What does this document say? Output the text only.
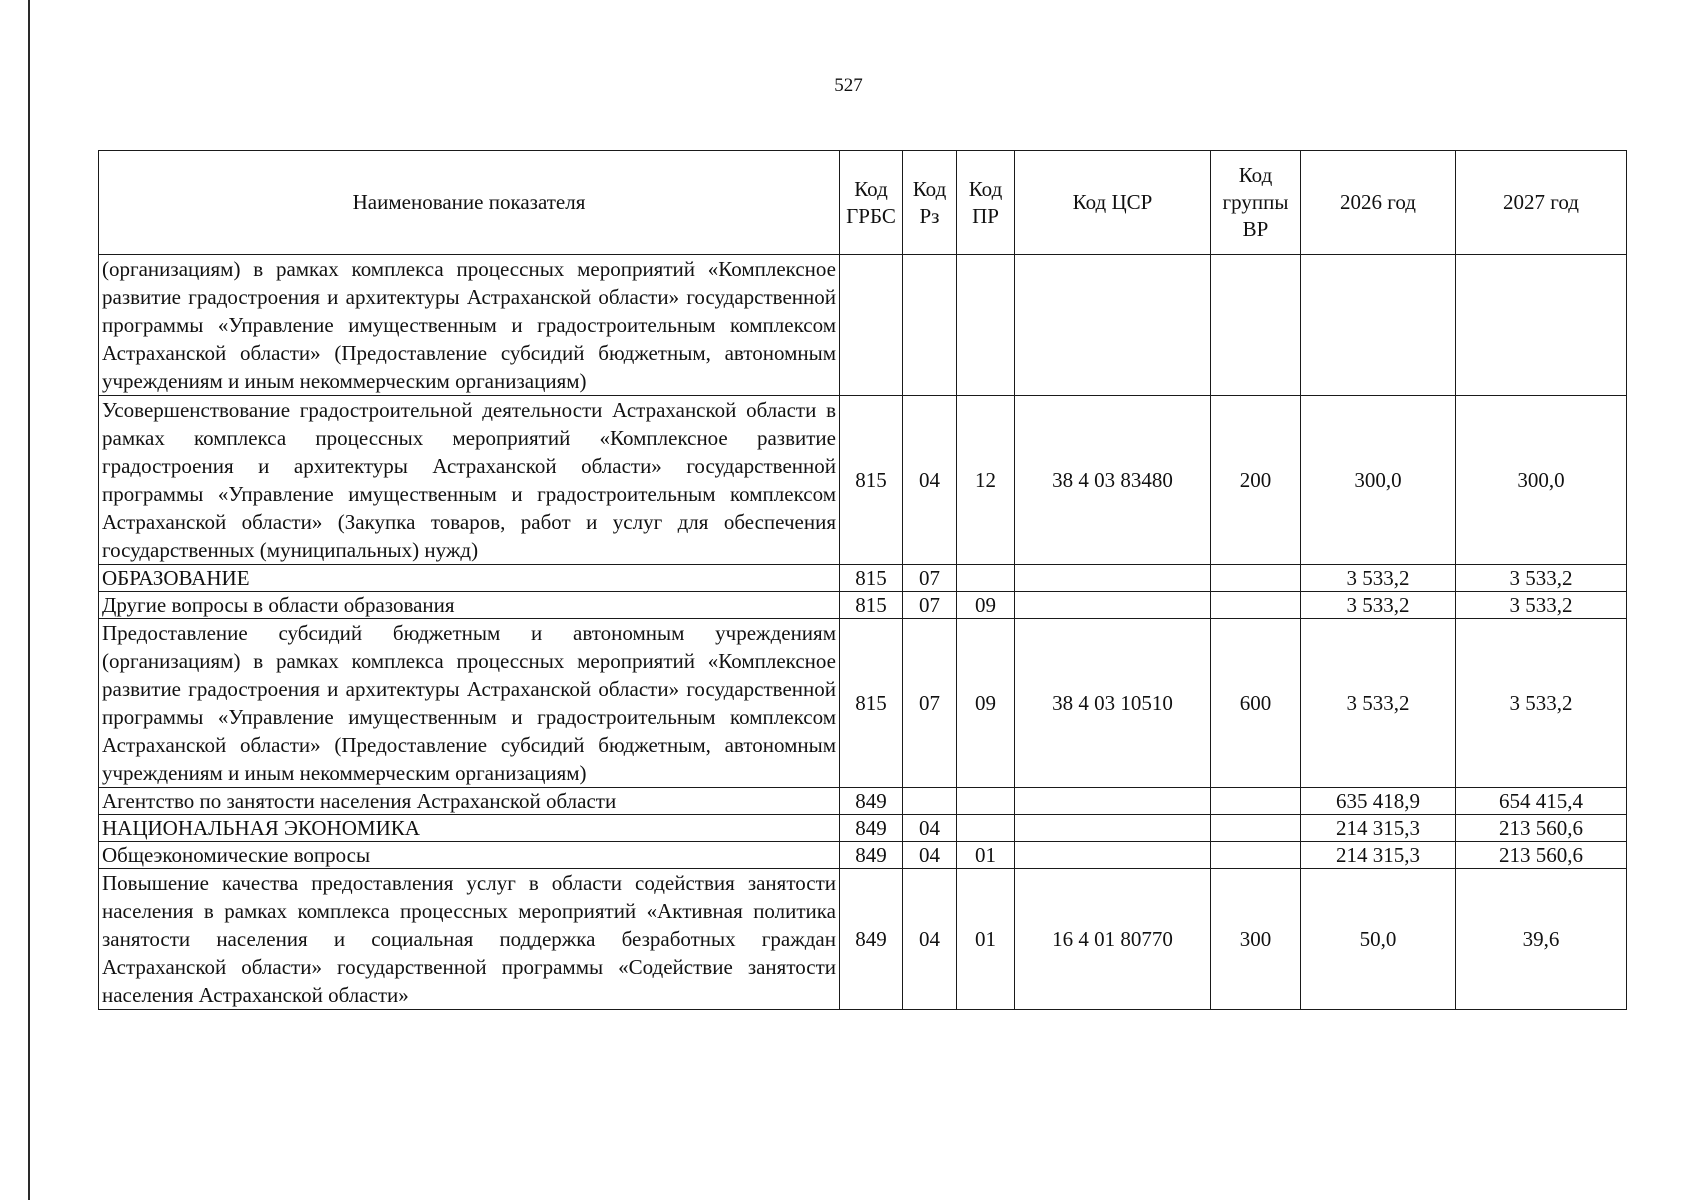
527
Наименование показателя	Код ГРБС	Код Рз	Код ПР	Код ЦСР	Код группы ВР	2026 год	2027 год
(организациям) в рамках комплекса процессных мероприятий «Комплексное развитие градостроения и архитектуры Астраханской области» государственной программы «Управление имущественным и градостроительным комплексом Астраханской области» (Предоставление субсидий бюджетным, автономным учреждениям и иным некоммерческим организациям)							
Усовершенствование градостроительной деятельности Астраханской области в рамках комплекса процессных мероприятий «Комплексное развитие градостроения и архитектуры Астраханской области» государственной программы «Управление имущественным и градостроительным комплексом Астраханской области» (Закупка товаров, работ и услуг для обеспечения государственных (муниципальных) нужд)	815	04	12	38 4 03 83480	200	300,0	300,0
ОБРАЗОВАНИЕ	815	07				3 533,2	3 533,2
Другие вопросы в области образования	815	07	09			3 533,2	3 533,2
Предоставление субсидий бюджетным и автономным учреждениям (организациям) в рамках комплекса процессных мероприятий «Комплексное развитие градостроения и архитектуры Астраханской области» государственной программы «Управление имущественным и градостроительным комплексом Астраханской области» (Предоставление субсидий бюджетным, автономным учреждениям и иным некоммерческим организациям)	815	07	09	38 4 03 10510	600	3 533,2	3 533,2
Агентство по занятости населения Астраханской области	849					635 418,9	654 415,4
НАЦИОНАЛЬНАЯ ЭКОНОМИКА	849	04				214 315,3	213 560,6
Общеэкономические вопросы	849	04	01			214 315,3	213 560,6
Повышение качества предоставления услуг в области содействия занятости населения в рамках комплекса процессных мероприятий «Активная политика занятости населения и социальная поддержка безработных граждан Астраханской области» государственной программы «Содействие занятости населения Астраханской области»	849	04	01	16 4 01 80770	300	50,0	39,6
